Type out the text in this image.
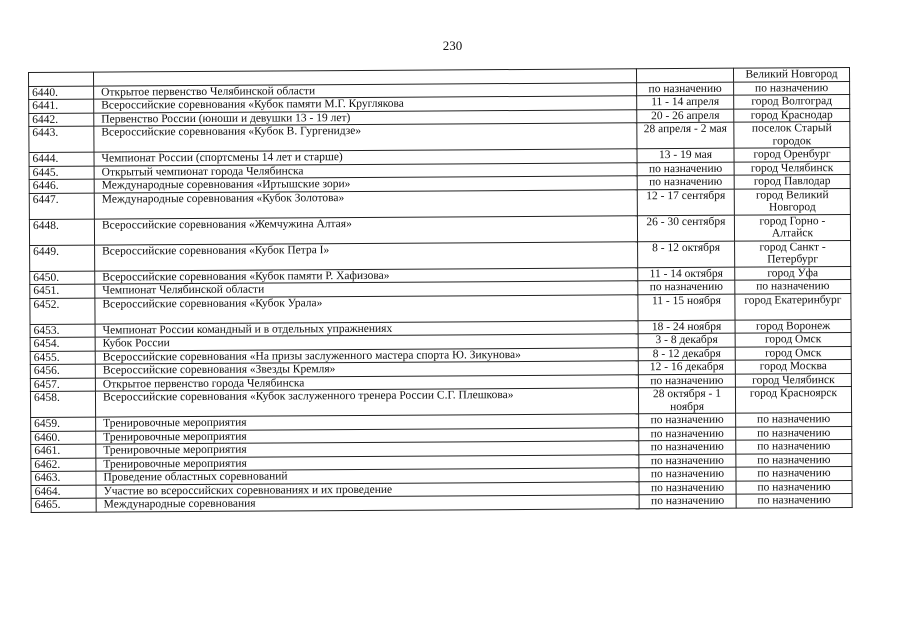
230
			Великий Новгород
6440.	Открытое первенство Челябинской области	по назначению	по назначению
6441.	Всероссийские соревнования «Кубок памяти М.Г. Круглякова	11 - 14 апреля	город Волгоград
6442.	Первенство России (юноши и девушки 13 - 19 лет)	20 - 26 апреля	город Краснодар
6443.	Всероссийские соревнования «Кубок В. Гургенидзе»	28 апреля - 2 мая	поселок Старый городок
6444.	Чемпионат России (спортсмены 14 лет и старше)	13 - 19 мая	город Оренбург
6445.	Открытый чемпионат города Челябинска	по назначению	город Челябинск
6446.	Международные соревнования «Иртышские зори»	по назначению	город Павлодар
6447.	Международные соревнования «Кубок Золотова»	12 - 17 сентября	город Великий Новгород
6448.	Всероссийские соревнования «Жемчужина Алтая»	26 - 30 сентября	город Горно - Алтайск
6449.	Всероссийские соревнования «Кубок Петра I»	8 - 12 октября	город Санкт - Петербург
6450.	Всероссийские соревнования «Кубок памяти Р. Хафизова»	11 - 14 октября	город Уфа
6451.	Чемпионат Челябинской области	по назначению	по назначению
6452.	Всероссийские соревнования «Кубок Урала»	11 - 15 ноября	город Екатеринбург
6453.	Чемпионат России командный и в отдельных упражнениях	18 - 24 ноября	город Воронеж
6454.	Кубок России	3 - 8 декабря	город Омск
6455.	Всероссийские соревнования «На призы заслуженного мастера спорта Ю. Зикунова»	8 - 12 декабря	город Омск
6456.	Всероссийские соревнования «Звезды Кремля»	12 - 16 декабря	город Москва
6457.	Открытое первенство города Челябинска	по назначению	город Челябинск
6458.	Всероссийские соревнования «Кубок заслуженного тренера России С.Г. Плешкова»	28 октября - 1 ноября	город Красноярск
6459.	Тренировочные мероприятия	по назначению	по назначению
6460.	Тренировочные мероприятия	по назначению	по назначению
6461.	Тренировочные мероприятия	по назначению	по назначению
6462.	Тренировочные мероприятия	по назначению	по назначению
6463.	Проведение областных соревнований	по назначению	по назначению
6464.	Участие во всероссийских соревнованиях и их проведение	по назначению	по назначению
6465.	Международные соревнования	по назначению	по назначению
